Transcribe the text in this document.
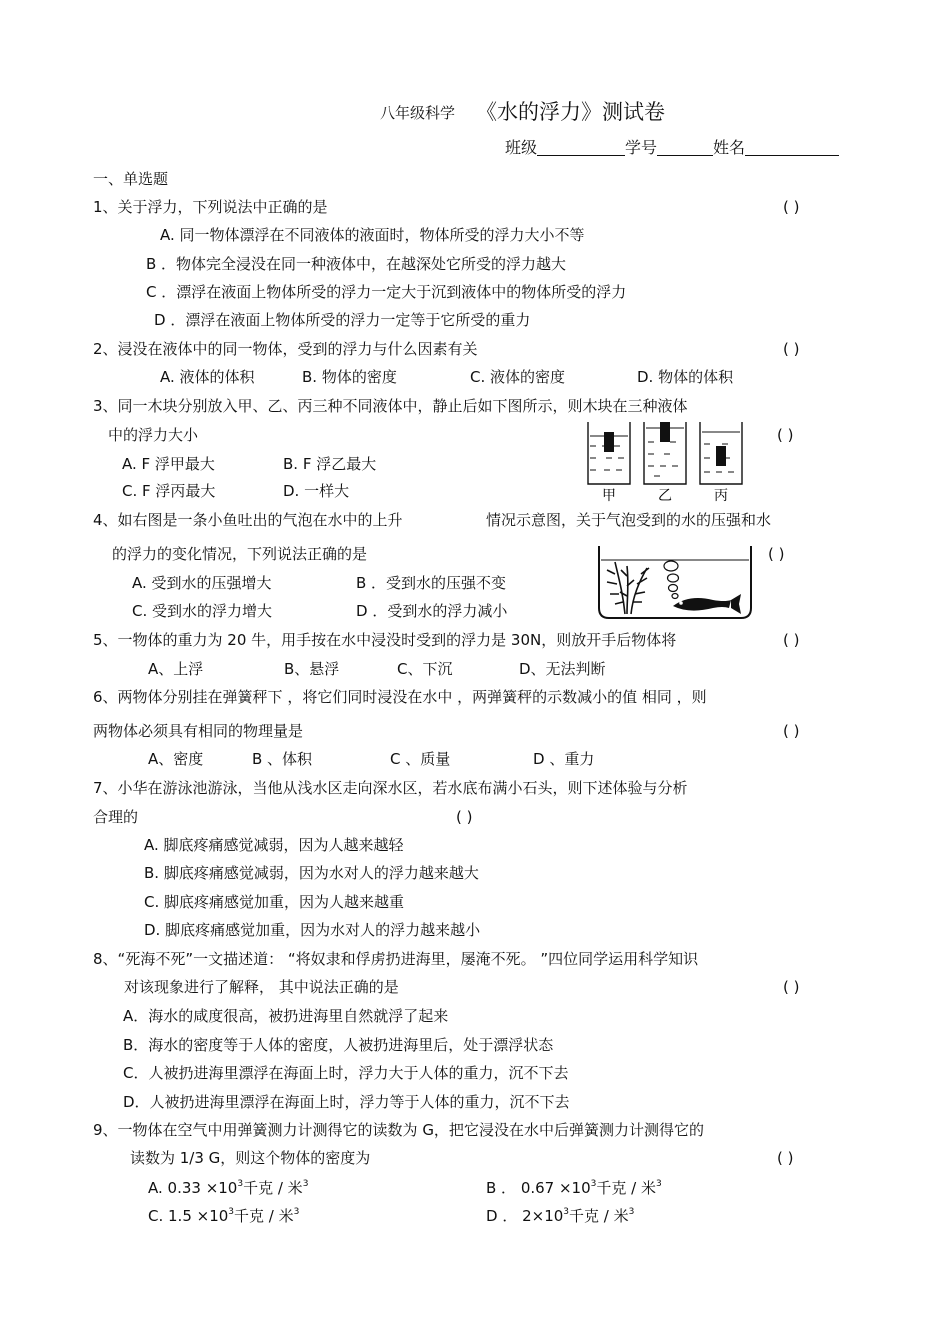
八年级科学 《水的浮力》测试卷
班级	学号	姓名
一、单选题
1、关于浮力，下列说法中正确的是	( )
A. 同一物体漂浮在不同液体的液面时，物体所受的浮力大小不等
B ．物体完全浸没在同一种液体中，在越深处它所受的浮力越大
C ．漂浮在液面上物体所受的浮力一定大于沉到液体中的物体所受的浮力
D ．漂浮在液面上物体所受的浮力一定等于它所受的重力
2、浸没在液体中的同一物体，受到的浮力与什么因素有关	( )
A. 液体的体积	B. 物体的密度	C. 液体的密度	D. 物体的体积
3、同一木块分别放入甲、乙、丙三种不同液体中，静止后如下图所示，则木块在三种液体
中的浮力大小	( )
A. F 浮甲最大	B. F 浮乙最大
C. F 浮丙最大	D. 一样大	甲	乙	丙
4、如右图是一条小鱼吐出的气泡在水中的上升	情况示意图，关于气泡受到的水的压强和水
的浮力的变化情况，下列说法正确的是	( )
A. 受到水的压强增大	B ．受到水的压强不变
C. 受到水的浮力增大	D ．受到水的浮力减小
5、一物体的重力为 20 牛，用手按在水中浸没时受到的浮力是 30N，则放开手后物体将	( )
A、上浮	B、悬浮	C、下沉	D、无法判断
6、两物体分别挂在弹簧秤下 ，将它们同时浸没在水中 ，两弹簧秤的示数减小的值 相同 ，则
两物体必须具有相同的物理量是	( )
A、密度	B 、体积	C 、质量	D 、重力
7、小华在游泳池游泳，当他从浅水区走向深水区，若水底布满小石头，则下述体验与分析
合理的	( )
A. 脚底疼痛感觉减弱，因为人越来越轻
B. 脚底疼痛感觉减弱，因为水对人的浮力越来越大
C. 脚底疼痛感觉加重，因为人越来越重
D. 脚底疼痛感觉加重，因为水对人的浮力越来越小
8、“死海不死”一文描述道： “将奴隶和俘虏扔进海里，屡淹不死。 ”四位同学运用科学知识
对该现象进行了解释， 其中说法正确的是	( )
A．海水的咸度很高，被扔进海里自然就浮了起来
B．海水的密度等于人体的密度，人被扔进海里后，处于漂浮状态
C．人被扔进海里漂浮在海面上时，浮力大于人体的重力，沉不下去
D．人被扔进海里漂浮在海面上时，浮力等于人体的重力，沉不下去
9、一物体在空气中用弹簧测力计测得它的读数为 G，把它浸没在水中后弹簧测力计测得它的
读数为 1/3 G，则这个物体的密度为	( )
A. $0.33 \times 10^3$千克 / 米$^3$	B ． $0.67 \times 10^3$千克 / 米$^3$
C. $1.5 \times 10^3$千克 / 米$^3$	D ． $2\times 10^3$千克 / 米$^3$
